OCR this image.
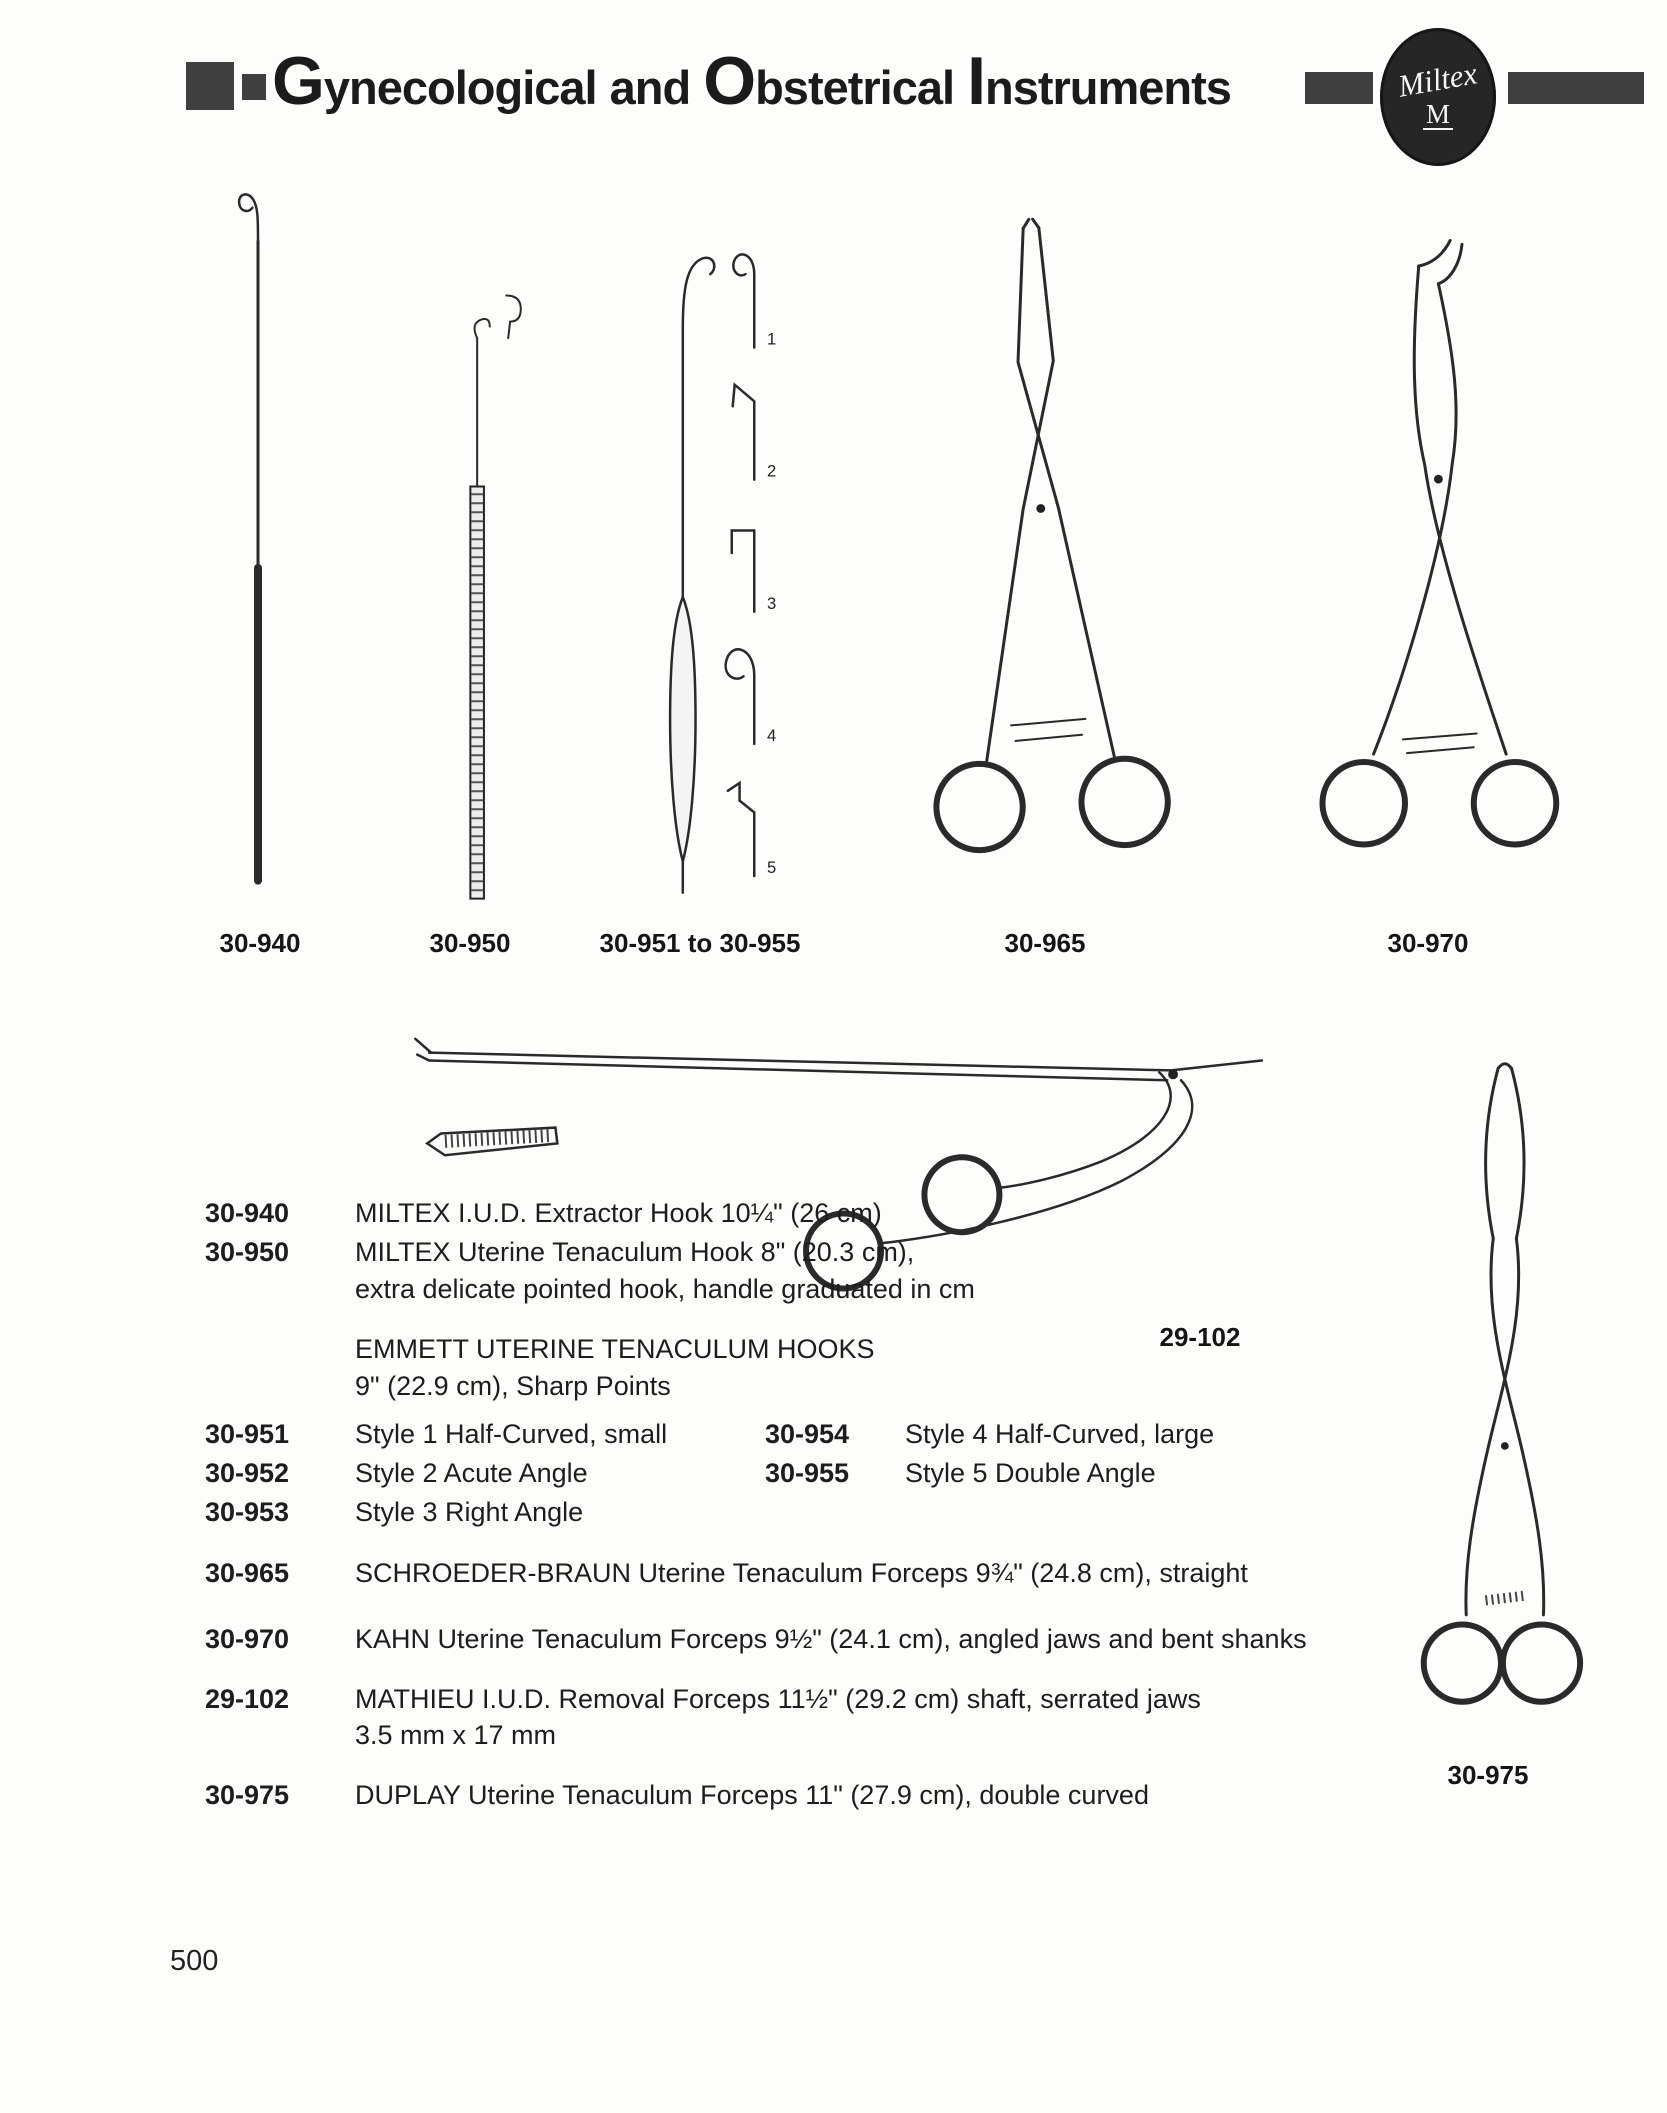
Gynecological and Obstetrical Instruments	Miltex
M
1
2
3
4
5
30-940	30-950	30-951 to 30-955	30-965	30-970
29-102
30-975
30-940 MILTEX I.U.D. Extractor Hook 10¼" (26 cm)
30-950 MILTEX Uterine Tenaculum Hook 8" (20.3 cm),
extra delicate pointed hook, handle graduated in cm
EMMETT UTERINE TENACULUM HOOKS
9" (22.9 cm), Sharp Points
30-951 Style 1 Half-Curved, small	30-954 Style 4 Half-Curved, large
30-952 Style 2 Acute Angle	30-955 Style 5 Double Angle
30-953 Style 3 Right Angle
30-965 SCHROEDER-BRAUN Uterine Tenaculum Forceps 9¾" (24.8 cm), straight
30-970 KAHN Uterine Tenaculum Forceps 9½" (24.1 cm), angled jaws and bent shanks
29-102 MATHIEU I.U.D. Removal Forceps 11½" (29.2 cm) shaft, serrated jaws
3.5 mm x 17 mm
30-975 DUPLAY Uterine Tenaculum Forceps 11" (27.9 cm), double curved
500
